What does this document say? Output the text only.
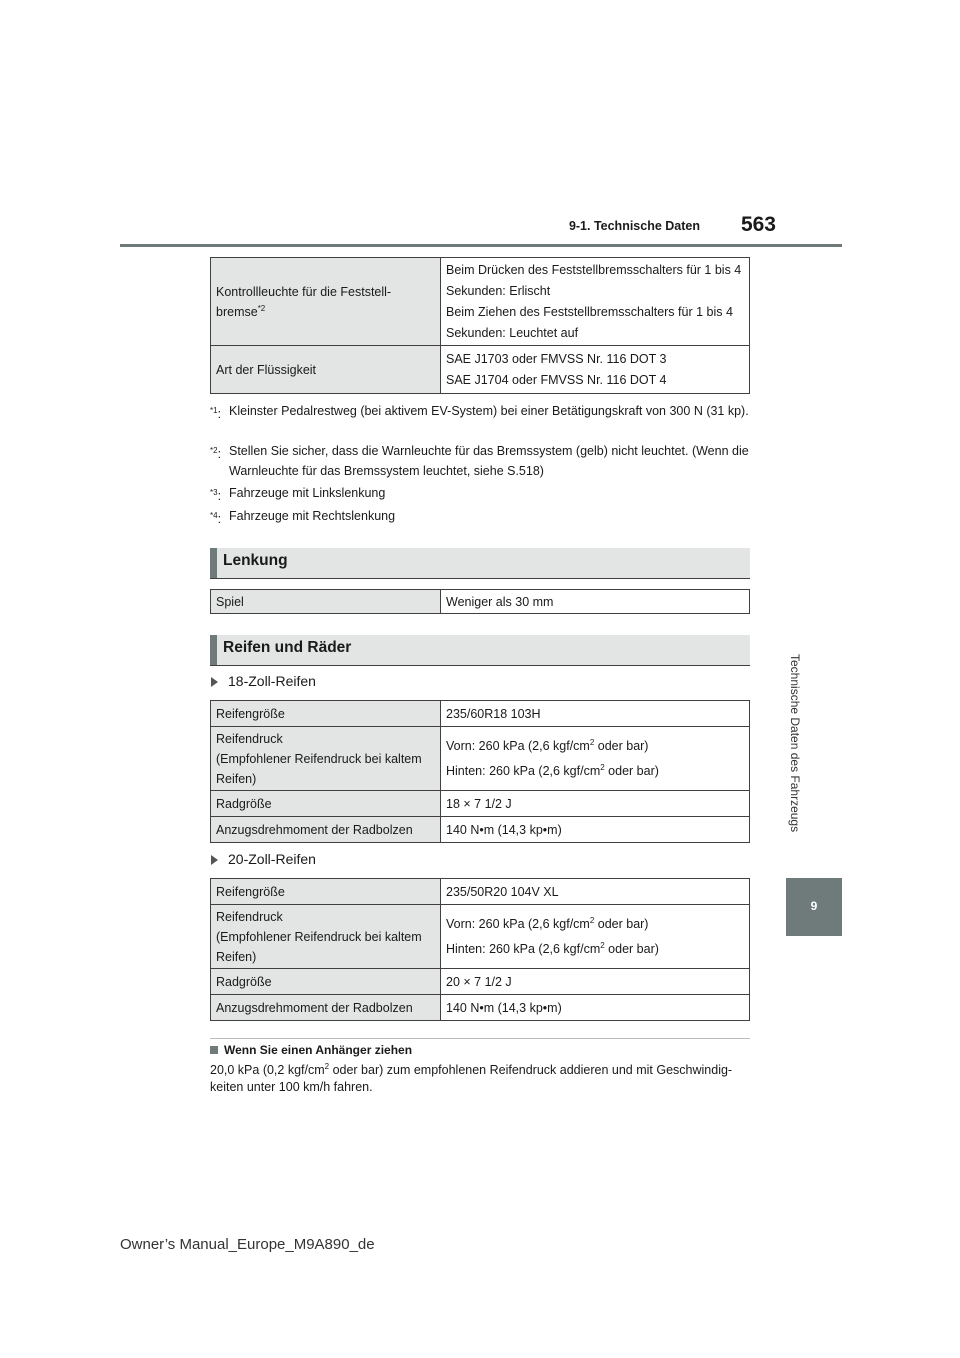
9-1. Technische Daten	563
Technische Daten des Fahrzeugs
9
Kontrollleuchte für die Feststell-
bremse$^{*2}$	Beim Drücken des Feststellbremsschalters für 1 bis 4
Sekunden: Erlischt
Beim Ziehen des Feststellbremsschalters für 1 bis 4
Sekunden: Leuchtet auf

Art der Flüssigkeit	SAE J1703 oder FMVSS Nr. 116 DOT 3
SAE J1704 oder FMVSS Nr. 116 DOT 4
$^{*1}$: Kleinster Pedalrestweg (bei aktivem EV-System) bei einer Betätigungskraft von 300 N (31 kp).
$^{*2}$: Stellen Sie sicher, dass die Warnleuchte für das Bremssystem (gelb) nicht leuchtet. (Wenn die Warnleuchte für das Bremssystem leuchtet, siehe S.518)
$^{*3}$: Fahrzeuge mit Linkslenkung
$^{*4}$: Fahrzeuge mit Rechtslenkung
Lenkung
Spiel	Weniger als 30 mm
Reifen und Räder
18-Zoll-Reifen
Reifengröße	235/60R18 103H

Reifendruck
(Empfohlener Reifendruck bei kaltem
Reifen)	Vorn: 260 kPa (2,6 kgf/$cm^2$ oder bar)
Hinten: 260 kPa (2,6 kgf/$cm^2$ oder bar)

Radgröße	18 × 7 1/2 J
Anzugsdrehmoment der Radbolzen	140 N•m (14,3 kp•m)
20-Zoll-Reifen
Reifengröße	235/50R20 104V XL

Reifendruck
(Empfohlener Reifendruck bei kaltem
Reifen)	Vorn: 260 kPa (2,6 kgf/$cm^2$ oder bar)
Hinten: 260 kPa (2,6 kgf/$cm^2$ oder bar)

Radgröße	20 × 7 1/2 J
Anzugsdrehmoment der Radbolzen	140 N•m (14,3 kp•m)
Wenn Sie einen Anhänger ziehen
20,0 kPa (0,2 kgf/$cm^2$ oder bar) zum empfohlenen Reifendruck addieren und mit Geschwindig-keiten unter 100 km/h fahren.
Owner’s Manual_Europe_M9A890_de
